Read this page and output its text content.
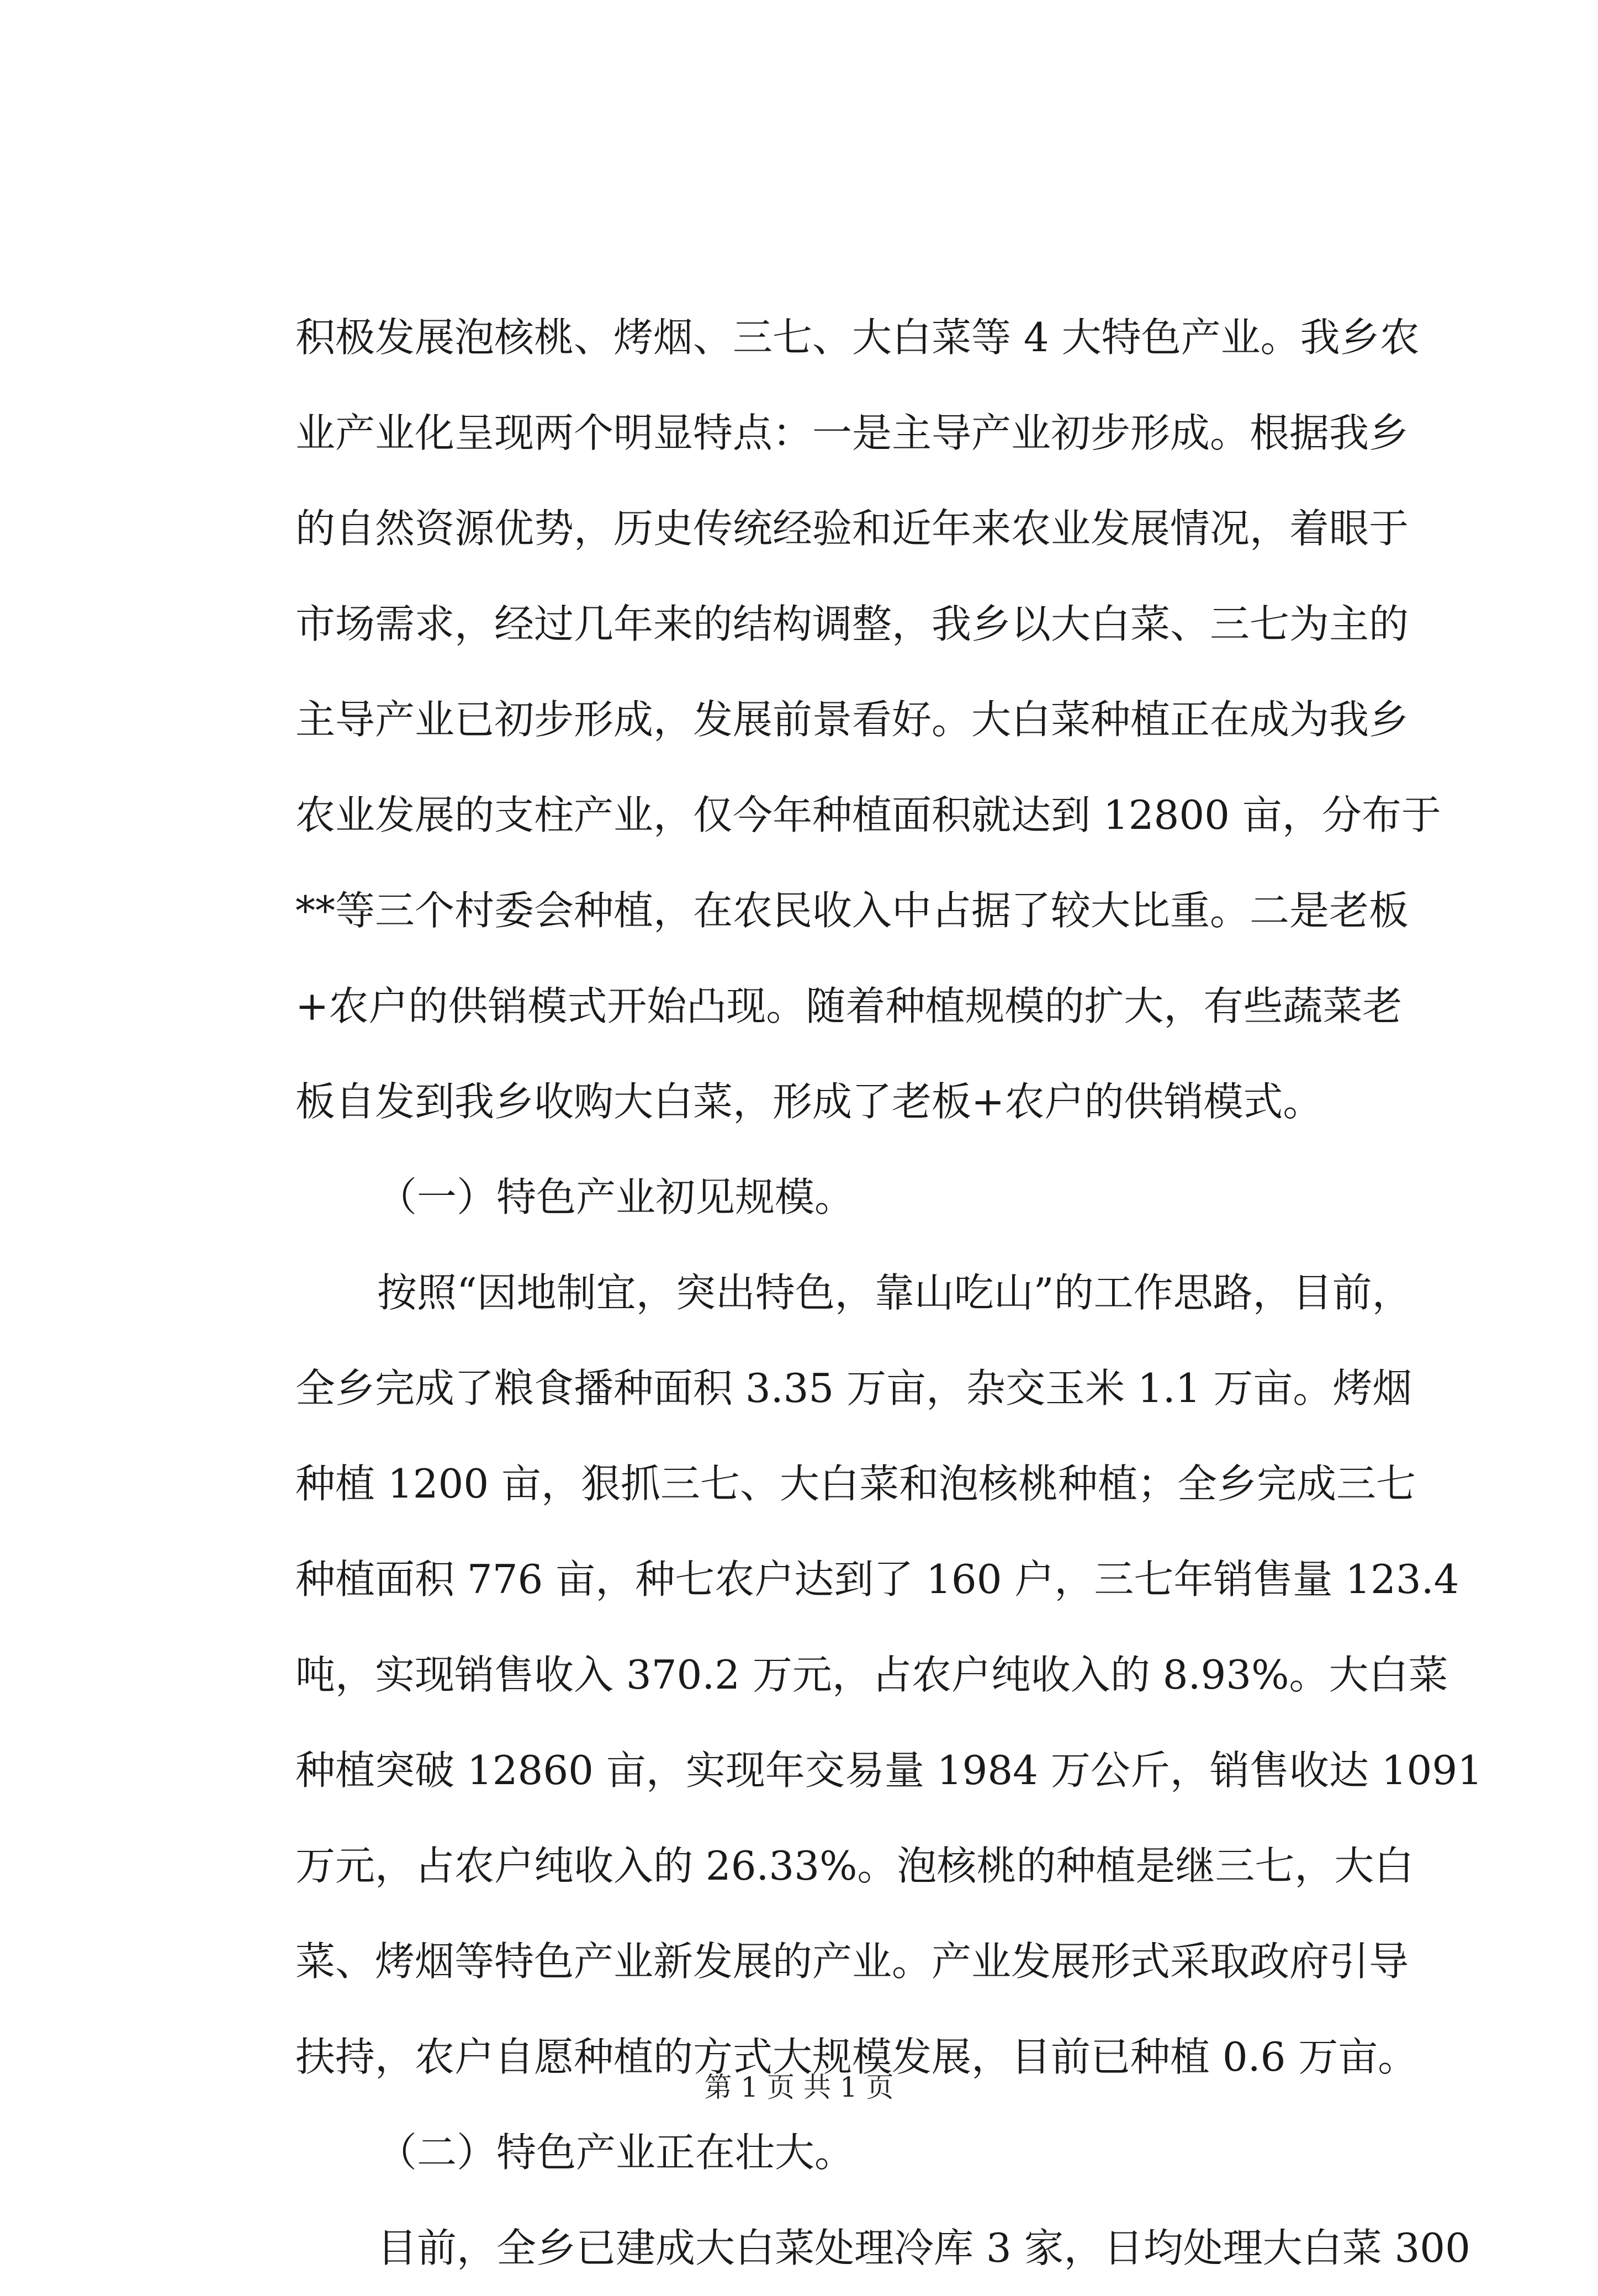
积极发展泡核桃、烤烟、三七、大白菜等 4 大特色产业。我乡农
业产业化呈现两个明显特点：一是主导产业初步形成。根据我乡
的自然资源优势，历史传统经验和近年来农业发展情况，着眼于
市场需求，经过几年来的结构调整，我乡以大白菜、三七为主的
主导产业已初步形成，发展前景看好。大白菜种植正在成为我乡
农业发展的支柱产业，仅今年种植面积就达到 12800 亩，分布于
**等三个村委会种植，在农民收入中占据了较大比重。二是老板
+农户的供销模式开始凸现。随着种植规模的扩大，有些蔬菜老
板自发到我乡收购大白菜，形成了老板+农户的供销模式。
（一）特色产业初见规模。
按照“因地制宜，突出特色，靠山吃山”的工作思路，目前，
全乡完成了粮食播种面积 3.35 万亩，杂交玉米 1.1 万亩。烤烟
种植 1200 亩，狠抓三七、大白菜和泡核桃种植；全乡完成三七
种植面积 776 亩，种七农户达到了 160 户，三七年销售量 123.4
吨，实现销售收入 370.2 万元，占农户纯收入的 8.93%。大白菜
种植突破 12860 亩，实现年交易量 1984 万公斤，销售收达 1091
万元，占农户纯收入的 26.33%。泡核桃的种植是继三七，大白
菜、烤烟等特色产业新发展的产业。产业发展形式采取政府引导
扶持，农户自愿种植的方式大规模发展，目前已种植 0.6 万亩。
（二）特色产业正在壮大。
目前，全乡已建成大白菜处理冷库 3 家，日均处理大白菜 300
第 1 页 共 1 页
